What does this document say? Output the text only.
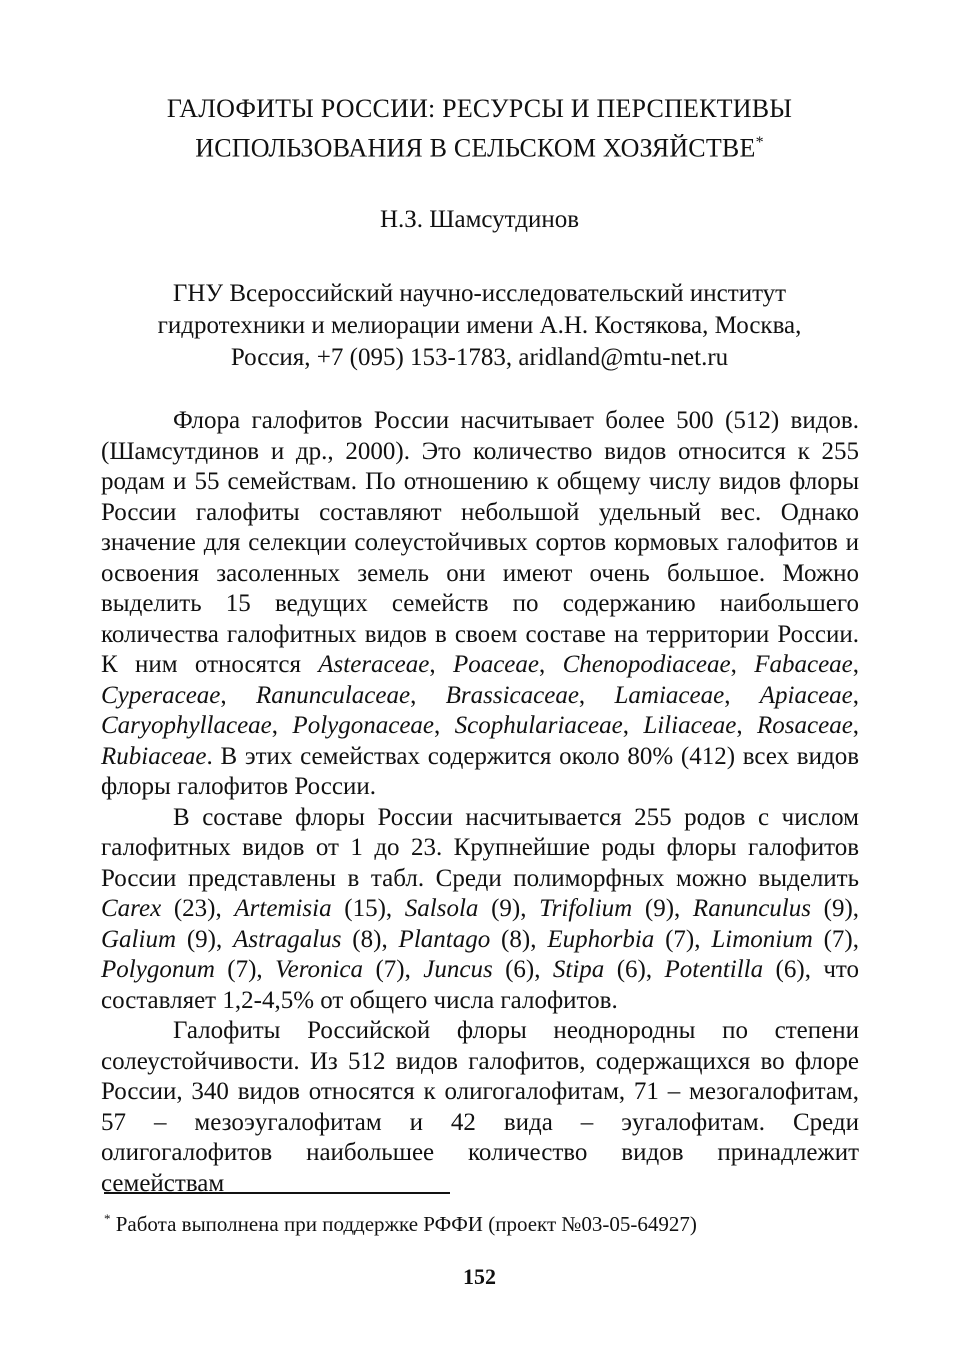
ГАЛОФИТЫ РОССИИ: РЕСУРСЫ И ПЕРСПЕКТИВЫ
ИСПОЛЬЗОВАНИЯ В СЕЛЬСКОМ ХОЗЯЙСТВЕ*
Н.З. Шамсутдинов
ГНУ Всероссийский научно-исследовательский институт
гидротехники и мелиорации имени А.Н. Костякова, Москва,
Россия, +7 (095) 153-1783, aridland@mtu-net.ru

Флора галофитов России насчитывает более 500 (512) видов. (Шамсутдинов и др., 2000). Это количество видов относится к 255 родам и 55 семействам. По отношению к общему числу видов флоры России галофиты составляют небольшой удельный вес. Однако значение для селекции солеустойчивых сортов кормовых галофитов и освоения засоленных земель они имеют очень большое. Можно выделить 15 ведущих семейств по содержанию наибольшего количества галофитных видов в своем составе на территории России. К ним относятся Asteraceae, Poaceae, Chenopodiaceae, Fabaceae, Cyperaceae, Ranunculaceae, Brassicaceae, Lamiaceae, Apiaceae, Caryophyllaceae, Polygonaceae, Scophulariaceae, Liliaceae, Rosaceae, Rubiaceae. В этих семействах содержится около 80% (412) всех видов флоры галофитов России.

В составе флоры России насчитывается 255 родов с числом галофитных видов от 1 до 23. Крупнейшие роды флоры галофитов России представлены в табл. Среди полиморфных можно выделить Carex (23), Artemisia (15), Salsola (9), Trifolium (9), Ranunculus (9), Galium (9), Astragalus (8), Plantago (8), Euphorbia (7), Limonium (7), Polygonum (7), Veronica (7), Juncus (6), Stipa (6), Potentilla (6), что составляет 1,2-4,5% от общего числа галофитов.

Галофиты Российской флоры неоднородны по степени солеустойчивости. Из 512 видов галофитов, содержащихся во флоре России, 340 видов относятся к олигогалофитам, 71 – мезогалофитам, 57 – мезоэугалофитам и 42 вида – эугалофитам. Среди олигогалофитов наибольшее количество видов принадлежит семействам

* Работа выполнена при поддержке РФФИ (проект №03-05-64927)
152
